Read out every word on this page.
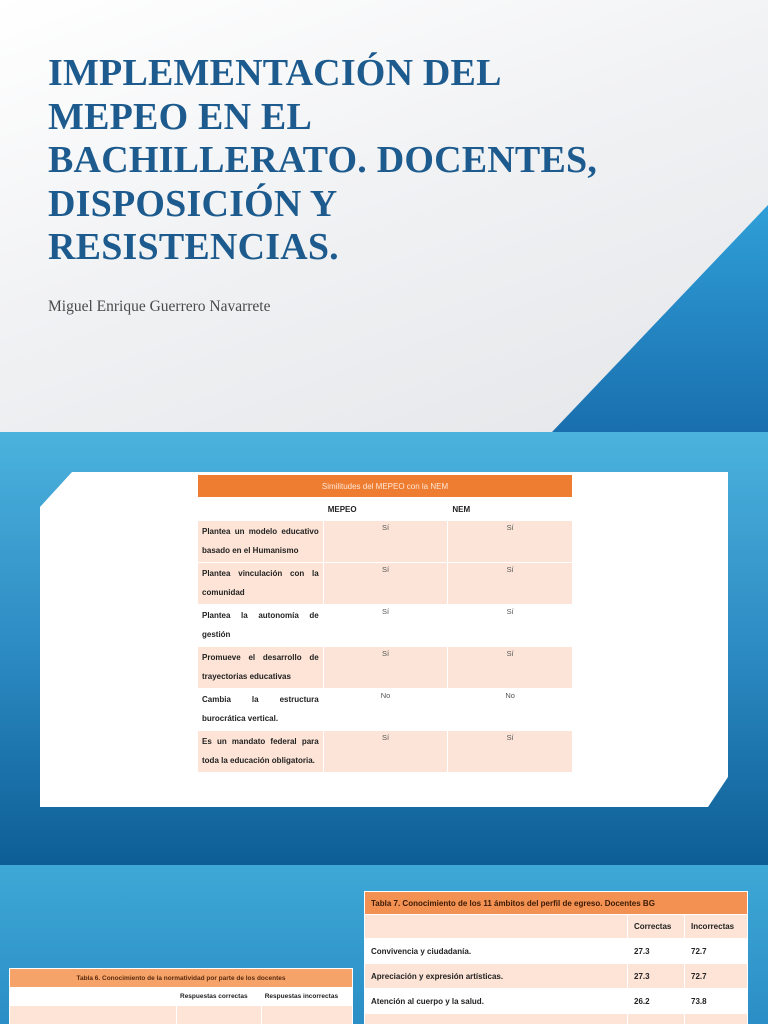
IMPLEMENTACIÓN DEL
MEPEO EN EL
BACHILLERATO. DOCENTES,
DISPOSICIÓN Y
RESISTENCIAS.
Miguel Enrique Guerrero Navarrete
Similitudes del MEPEO con la NEM		
	MEPEO	NEM
Plantea un modelo educativo basado en el Humanismo	Sí	Sí
Plantea vinculación con la comunidad	Sí	Sí
Plantea la autonomía de gestión	Sí	Sí
Promueve el desarrollo de trayectorias educativas	Sí	Sí
Cambia la estructura burocrática vertical.	No	No
Es un mandato federal para toda la educación obligatoria.	Sí	Sí
Tabla 6. Conocimiento de la normatividad por parte de los docentes		
	Respuestas correctas	Respuestas incorrectas

Tabla 7. Conocimiento de los 11 ámbitos del perfil de egreso. Docentes BG		
	Correctas	Incorrectas
Convivencia y ciudadanía.	27.3	72.7
Apreciación y expresión artísticas.	27.3	72.7
Atención al cuerpo y la salud.	26.2	73.8
